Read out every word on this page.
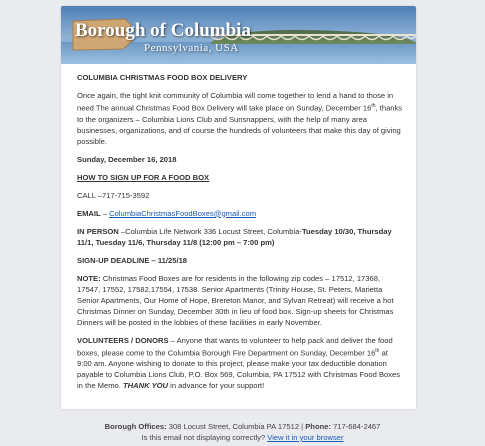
Borough of Columbia
Pennsylvania, USA
COLUMBIA CHRISTMAS FOOD BOX DELIVERY

Once again, the tight knit community of Columbia will come together to lend a hand to those in need The annual Christmas Food Box Delivery will take place on Sunday, December 16th, thanks to the organizers – Columbia Lions Club and Sunsnappers, with the help of many area businesses, organizations, and of course the hundreds of volunteers that make this day of giving possible.

Sunday, December 16, 2018

HOW TO SIGN UP FOR A FOOD BOX

CALL –717-715-3592

EMAIL – ColumbiaChristmasFoodBoxes@gmail.com

IN PERSON –Columbia Life Network 336 Locust Street, Columbia-Tuesday 10/30, Thursday 11/1, Tuesday 11/6, Thursday 11/8 (12:00 pm – 7:00 pm)

SIGN-UP DEADLINE – 11/25/18

NOTE: Christmas Food Boxes are for residents in the following zip codes – 17512, 17368, 17547, 17552, 17582,17554, 17538. Senior Apartments (Trinity House, St. Peters, Marietta Senior Apartments, Our Home of Hope, Brereton Manor, and Sylvan Retreat) will receive a hot Christmas Dinner on Sunday, December 30th in lieu of food box. Sign-up sheets for Christmas Dinners will be posted in the lobbies of these facilities in early November.

VOLUNTEERS / DONORS – Anyone that wants to volunteer to help pack and deliver the food boxes, please come to the Columbia Borough Fire Department on Sunday, December 16th at 9:00 am. Anyone wishing to donate to this project, please make your tax deductible donation payable to Columbia Lions Club, P.O. Box 569, Columbia, PA 17512 with Christmas Food Boxes in the Memo. THANK YOU in advance for your support!

Borough Offices: 308 Locust Street, Columbia PA 17512 | Phone: 717-684-2467
Is this email not displaying correctly? View it in your browser
